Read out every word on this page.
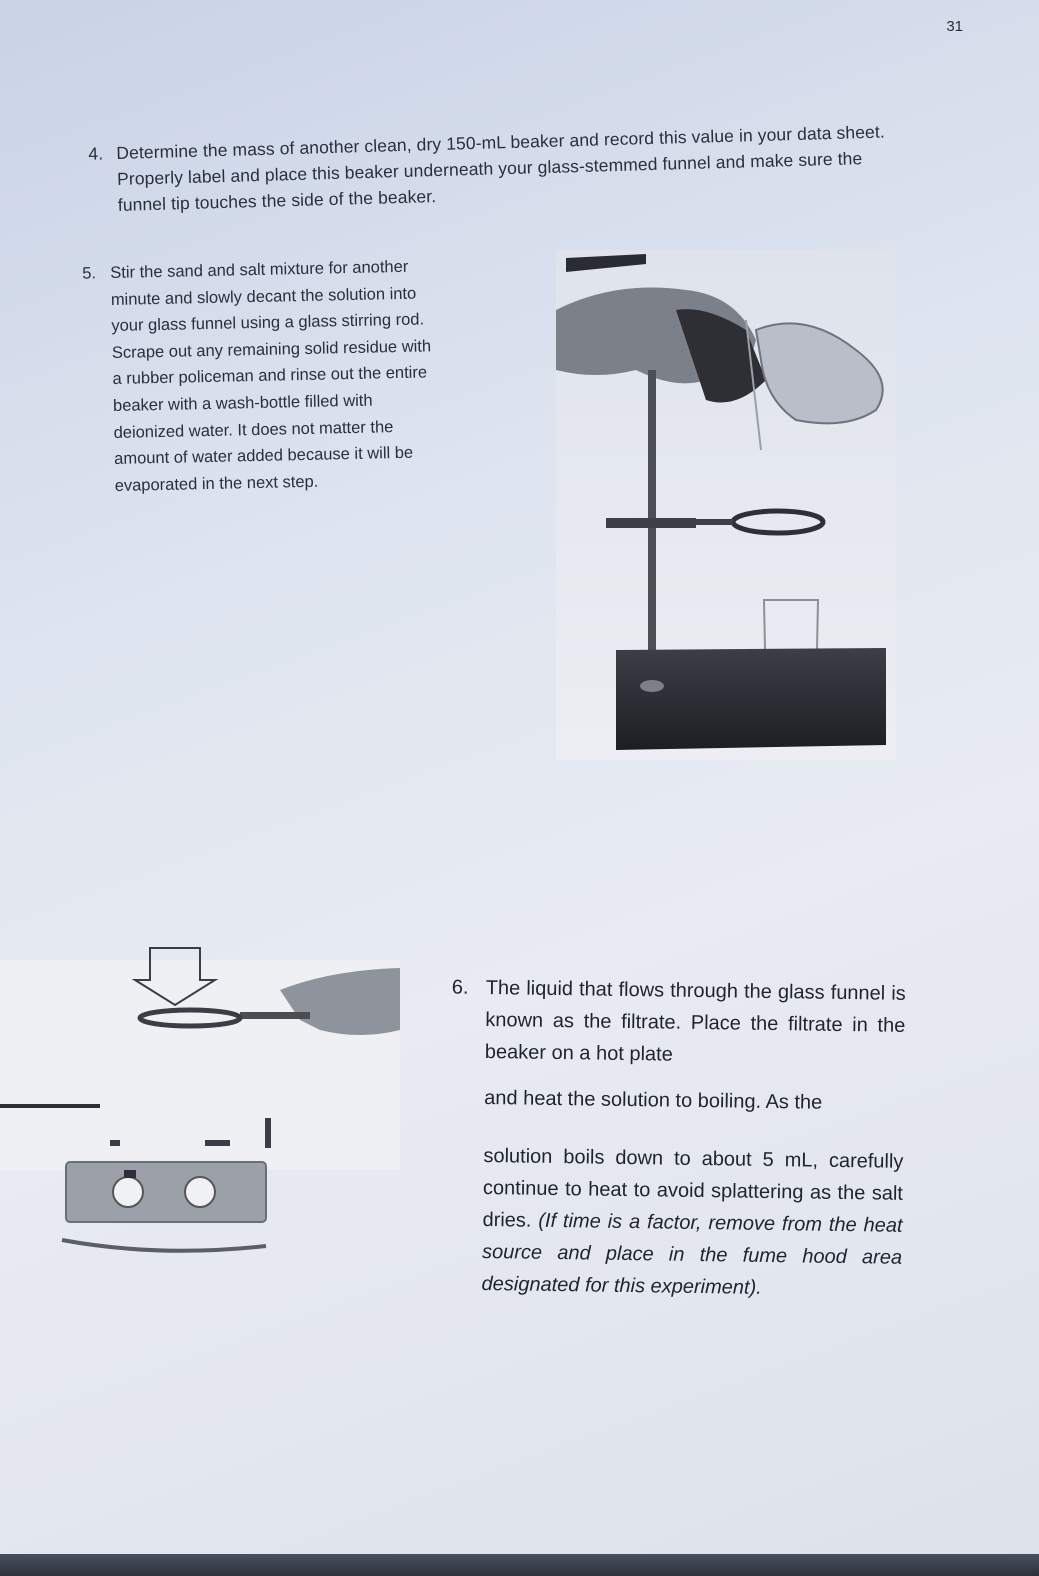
31
4. Determine the mass of another clean, dry 150-mL beaker and record this value in your data sheet. Properly label and place this beaker underneath your glass-stemmed funnel and make sure the funnel tip touches the side of the beaker.
5. Stir the sand and salt mixture for another minute and slowly decant the solution into your glass funnel using a glass stirring rod. Scrape out any remaining solid residue with a rubber policeman and rinse out the entire beaker with a wash-bottle filled with deionized water. It does not matter the amount of water added because it will be evaporated in the next step.
6. The liquid that flows through the glass funnel is known as the filtrate. Place the filtrate in the beaker on a hot plate

and heat the solution to boiling. As the

solution boils down to about 5 mL, carefully continue to heat to avoid splattering as the salt dries. (If time is a factor, remove from the heat source and place in the fume hood area designated for this experiment).
